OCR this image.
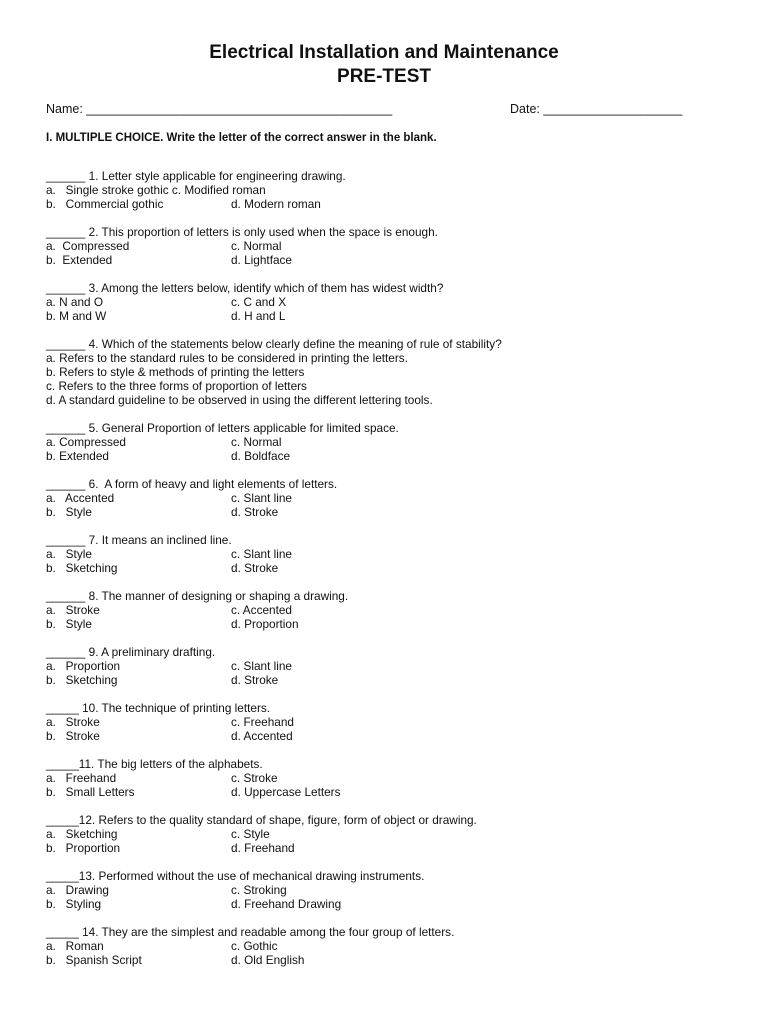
Electrical Installation and Maintenance
PRE-TEST
Name: ____________________________________________	Date: ____________________
I. MULTIPLE CHOICE. Write the letter of the correct answer in the blank.
______ 1. Letter style applicable for engineering drawing.
a.   Single stroke gothic c. Modified roman
b.   Commercial gothic	d. Modern roman
______ 2. This proportion of letters is only used when the space is enough.
a.  Compressed	c. Normal
b.  Extended	d. Lightface
______ 3. Among the letters below, identify which of them has widest width?
a. N and O	c. C and X
b. M and W	d. H and L
______ 4. Which of the statements below clearly define the meaning of rule of stability?
a. Refers to the standard rules to be considered in printing the letters.
b. Refers to style & methods of printing the letters
c. Refers to the three forms of proportion of letters
d. A standard guideline to be observed in using the different lettering tools.
______ 5. General Proportion of letters applicable for limited space.
a. Compressed	c. Normal
b. Extended	d. Boldface
______ 6.  A form of heavy and light elements of letters.
a.   Accented	c. Slant line
b.   Style	d. Stroke
______ 7. It means an inclined line.
a.   Style	c. Slant line
b.   Sketching	d. Stroke
______ 8. The manner of designing or shaping a drawing.
a.   Stroke	c. Accented
b.   Style	d. Proportion
______ 9. A preliminary drafting.
a.   Proportion	c. Slant line
b.   Sketching	d. Stroke
_____ 10. The technique of printing letters.
a.   Stroke	c. Freehand
b.   Stroke	d. Accented
_____11. The big letters of the alphabets.
a.   Freehand	c. Stroke
b.   Small Letters	d. Uppercase Letters
_____12. Refers to the quality standard of shape, figure, form of object or drawing.
a.   Sketching	c. Style
b.   Proportion	d. Freehand
_____13. Performed without the use of mechanical drawing instruments.
a.   Drawing	c. Stroking
b.   Styling	d. Freehand Drawing
_____ 14. They are the simplest and readable among the four group of letters.
a.   Roman	c. Gothic
b.   Spanish Script	d. Old English
